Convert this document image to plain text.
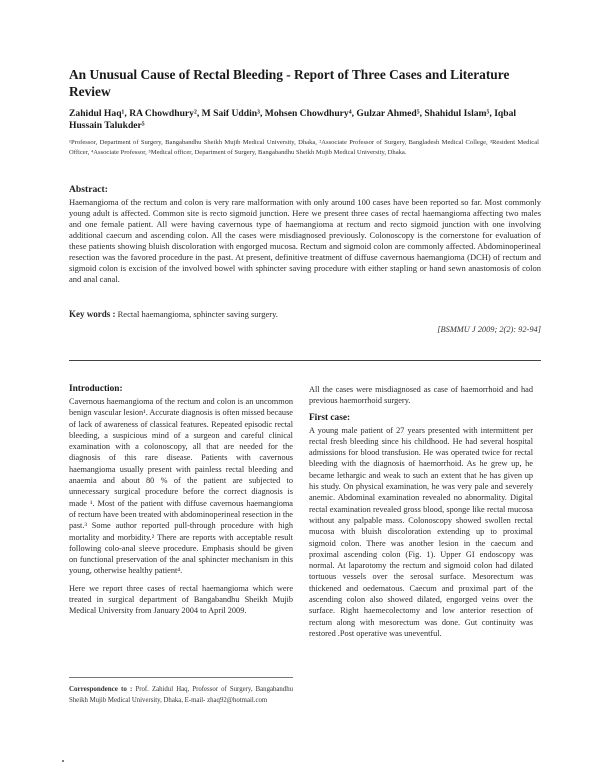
An Unusual Cause of Rectal Bleeding - Report of Three Cases and Literature Review
Zahidul Haq¹, RA Chowdhury², M Saif Uddin³, Mohsen Chowdhury⁴, Gulzar Ahmed⁵, Shahidul Islam⁵, Iqbal Hussain Talukder⁵
¹Professor, Department of Surgery, Bangabandhu Sheikh Mujib Medical University, Dhaka, ²Associate Professor of Surgery, Bangladesh Medical College, ³Resident Medical Officer, ⁴Associate Professor, ⁵Medical officer, Department of Surgery, Bangabandhu Sheikh Mujib Medical University, Dhaka.
Abstract:
Haemangioma of the rectum and colon is very rare malformation with only around 100 cases have been reported so far. Most commonly young adult is affected. Common site is recto sigmoid junction. Here we present three cases of rectal haemangioma affecting two males and one female patient. All were having cavernous type of haemangioma at rectum and recto sigmoid junction with one involving additional caecum and ascending colon. All the cases were misdiagnosed previously. Colonoscopy is the cornerstone for evaluation of these patients showing bluish discoloration with engorged mucosa. Rectum and sigmoid colon are commonly affected. Abdominoperineal resection was the favored procedure in the past. At present, definitive treatment of diffuse cavernous haemangioma (DCH) of rectum and sigmoid colon is excision of the involved bowel with sphincter saving procedure with either stapling or hand sewn anastomosis of colon and anal canal.
Key words : Rectal haemangioma, sphincter saving surgery.
[BSMMU J 2009; 2(2): 92-94]
Introduction:

Cavernous haemangioma of the rectum and colon is an uncommon benign vascular lesion¹. Accurate diagnosis is often missed because of lack of awareness of classical features. Repeated episodic rectal bleeding, a suspicious mind of a surgeon and careful clinical examination with a colonoscopy, all that are needed for the diagnosis of this rare disease. Patients with cavernous haemangioma usually present with painless rectal bleeding and anaemia and about 80 % of the patient are subjected to unnecessary surgical procedure before the correct diagnosis is made ¹. Most of the patient with diffuse cavernous haemangioma of rectum have been treated with abdominoperineal resection in the past.³ Some author reported pull-through procedure with high mortality and morbidity.² There are reports with acceptable result following colo-anal sleeve procedure. Emphasis should be given on functional preservation of the anal sphincter mechanism in this young, otherwise healthy patient⁴.

Here we report three cases of rectal haemangioma which were treated in surgical department of Bangabandhu Sheikh Mujib Medical University from January 2004 to April 2009.

All the cases were misdiagnosed as case of haemorrhoid and had previous haemorrhoid surgery.

First case:

A young male patient of 27 years presented with intermittent per rectal fresh bleeding since his childhood. He had several hospital admissions for blood transfusion. He was operated twice for rectal bleeding with the diagnosis of haemorrhoid. As he grew up, he became lethargic and weak to such an extent that he has given up his study. On physical examination, he was very pale and severely anemic. Abdominal examination revealed no abnormality. Digital rectal examination revealed gross blood, sponge like rectal mucosa without any palpable mass. Colonoscopy showed swollen rectal mucosa with bluish discoloration extending up to proximal sigmoid colon. There was another lesion in the caecum and proximal ascending colon (Fig. 1). Upper GI endoscopy was normal. At laparotomy the rectum and sigmoid colon had dilated tortuous vessels over the serosal surface. Mesorectum was thickened and oedematous. Caecum and proximal part of the ascending colon also showed dilated, engorged veins over the surface. Right haemecolectomy and low anterior resection of rectum along with mesorectum was done. Gut continuity was restored .Post operative was uneventful.

Correspondence to : Prof. Zahidul Haq, Professor of Surgery, Bangabandhu Sheikh Mujib Medical University, Dhaka, E-mail- zhaq92@hotmail.com
